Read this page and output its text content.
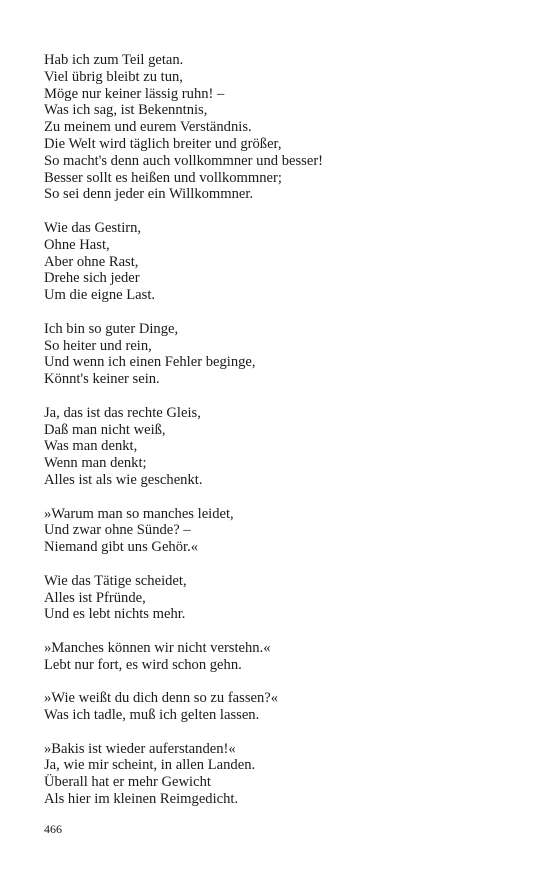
Hab ich zum Teil getan.
Viel übrig bleibt zu tun,
Möge nur keiner lässig ruhn! –
Was ich sag, ist Bekenntnis,
Zu meinem und eurem Verständnis.
Die Welt wird täglich breiter und größer,
So macht's denn auch vollkommner und besser!
Besser sollt es heißen und vollkommner;
So sei denn jeder ein Willkommner.
Wie das Gestirn,
Ohne Hast,
Aber ohne Rast,
Drehe sich jeder
Um die eigne Last.
Ich bin so guter Dinge,
So heiter und rein,
Und wenn ich einen Fehler beginge,
Könnt's keiner sein.
Ja, das ist das rechte Gleis,
Daß man nicht weiß,
Was man denkt,
Wenn man denkt;
Alles ist als wie geschenkt.
»Warum man so manches leidet,
Und zwar ohne Sünde? –
Niemand gibt uns Gehör.«
Wie das Tätige scheidet,
Alles ist Pfründe,
Und es lebt nichts mehr.
»Manches können wir nicht verstehn.«
Lebt nur fort, es wird schon gehn.
»Wie weißt du dich denn so zu fassen?«
Was ich tadle, muß ich gelten lassen.
»Bakis ist wieder auferstanden!«
Ja, wie mir scheint, in allen Landen.
Überall hat er mehr Gewicht
Als hier im kleinen Reimgedicht.
466
